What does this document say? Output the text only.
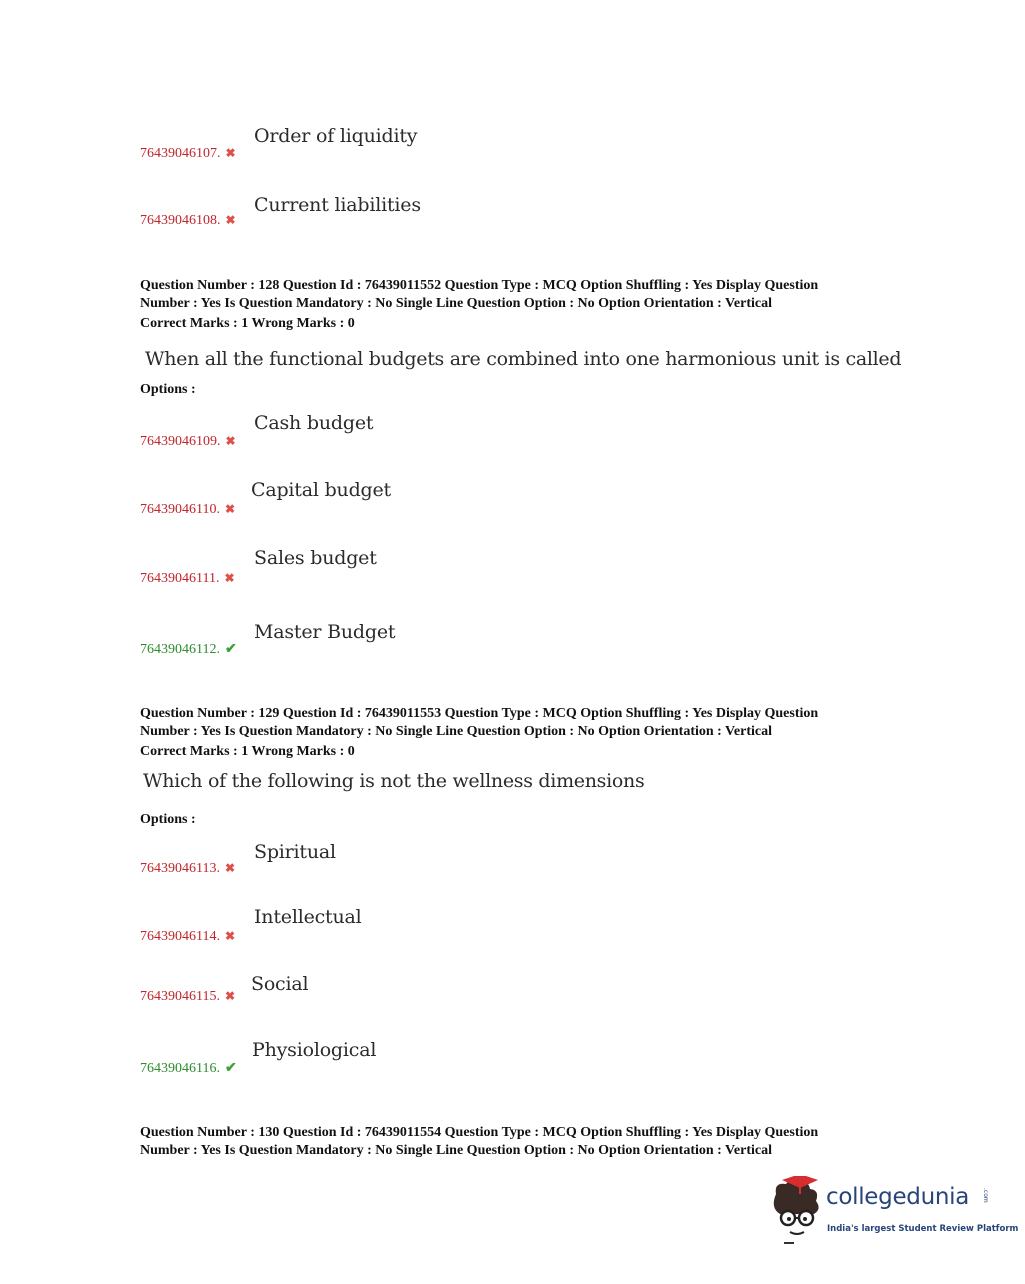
76439046107. ✖
Order of liquidity
76439046108. ✖
Current liabilities
Question Number : 128 Question Id : 76439011552 Question Type : MCQ Option Shuffling : Yes Display Question
Number : Yes Is Question Mandatory : No Single Line Question Option : No Option Orientation : Vertical
Correct Marks : 1 Wrong Marks : 0
When all the functional budgets are combined into one harmonious unit is called
Options :
76439046109. ✖
Cash budget
76439046110. ✖
Capital budget
76439046111. ✖
Sales budget
76439046112. ✔
Master Budget
Question Number : 129 Question Id : 76439011553 Question Type : MCQ Option Shuffling : Yes Display Question
Number : Yes Is Question Mandatory : No Single Line Question Option : No Option Orientation : Vertical
Correct Marks : 1 Wrong Marks : 0
Which of the following is not the wellness dimensions
Options :
76439046113. ✖
Spiritual
76439046114. ✖
Intellectual
76439046115. ✖
Social
76439046116. ✔
Physiological
Question Number : 130 Question Id : 76439011554 Question Type : MCQ Option Shuffling : Yes Display Question
Number : Yes Is Question Mandatory : No Single Line Question Option : No Option Orientation : Vertical
collegedunia .com
India's largest Student Review Platform
